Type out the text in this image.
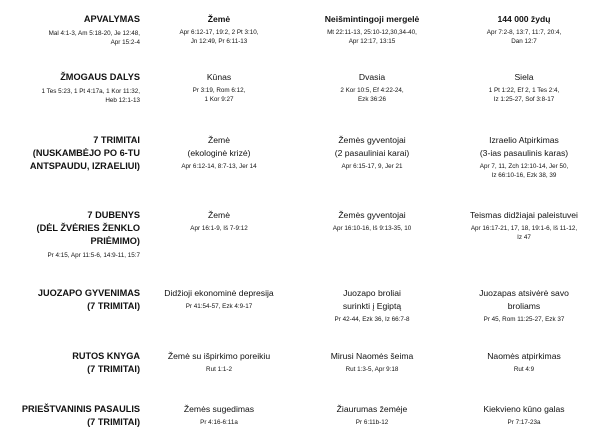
APVALYMAS
Mal 4:1-3, Am 5:18-20, Je 12:48,
Apr 15:2-4
Žemė
Apr 6:12-17, 19:2, 2 Pt 3:10,
Jn 12:49, Pr 6:11-13
Neišmintingoji mergelė
Mt 22:11-13, 25:10-12,30,34-40,
Apr 12:17, 13:15
144 000 žydų
Apr 7:2-8, 13:7, 11:7, 20:4,
Dan 12:7
ŽMOGAUS DALYS
1 Tes 5:23, 1 Pt 4:17a, 1 Kor 11:32,
Heb 12:1-13
Kūnas
Pr 3:19, Rom 6:12,
1 Kor 9:27
Dvasia
2 Kor 10:5, Ef 4:22-24,
Ezk 36:26
Siela
1 Pt 1:22, Ef 2, 1 Tes 2:4,
Iz 1:25-27, Sof 3:8-17
7 TRIMITAI
(NUSKAMBĖJO PO 6-TU
ANTSPAUDU, IZRAELIUI)
Žemė
(ekologinė krizė)
Apr 6:12-14, 8:7-13, Jer 14
Žemės gyventojai
(2 pasauliniai karai)
Apr 6:15-17, 9, Jer 21
Izraelio Atpirkimas
(3-ias pasaulinis karas)
Apr 7, 11, Zch 12:10-14, Jer 50,
Iz 66:10-16, Ezk 38, 39
7 DUBENYS
(DĖL ŽVĖRIES ŽENKLO
PRIĖMIMO)
Pr 4:15, Apr 11:5-6, 14:9-11, 15:7
Žemė
Apr 16:1-9, Iš 7-9:12
Žemės gyventojai
Apr 16:10-16, Iš 9:13-35, 10
Teismas didžiajai paleistuvei
Apr 16:17-21, 17, 18, 19:1-6, Iš 11-12,
Iz 47
JUOZAPO GYVENIMAS
(7 TRIMITAI)
Didžioji ekonominė depresija
Pr 41:54-57, Ezk 4:9-17
Juozapo broliai
surinkti į Egiptą
Pr 42-44, Ezk 36, Iz 66:7-8
Juozapas atsivėrė savo
broliams
Pr 45, Rom 11:25-27, Ezk 37
RUTOS KNYGA
(7 TRIMITAI)
Žemė su išpirkimo poreikiu
Rut 1:1-2
Mirusi Naomės šeima
Rut 1:3-5, Apr 9:18
Naomės atpirkimas
Rut 4:9
PRIEŠTVANINIS PASAULIS
(7 TRIMITAI)
Žemės sugedimas
Pr 4:16-6:11a
Žiaurumas žemėje
Pr 6:11b-12
Kiekvieno kūno galas
Pr 7:17-23a
